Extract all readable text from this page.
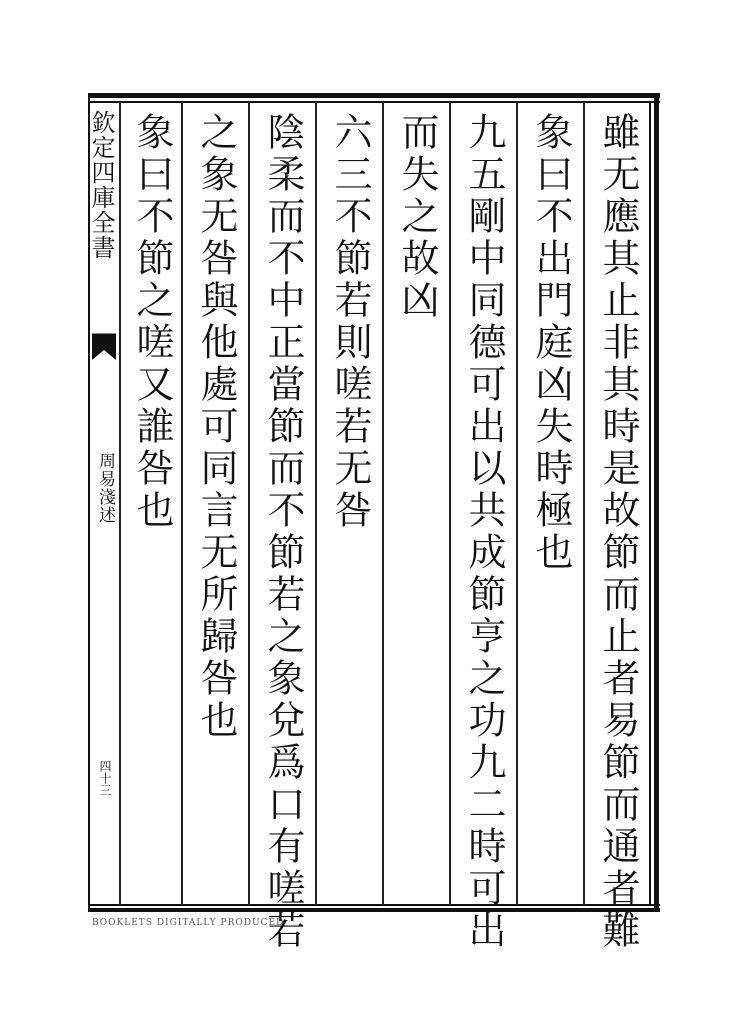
欽定四庫全書
周易淺述
四十三	雖无應其止非其時是故節而止者易節而通者難
象曰不出門庭凶失時極也
九五剛中同德可出以共成節亨之功九二時可出
而失之故凶
六三不節若則嗟若无咎
陰柔而不中正當節而不節若之象兌爲口有嗟若
之象无咎與他處可同言无所歸咎也
象曰不節之嗟又誰咎也
BOOKLETS DIGITALLY PRODUCED
